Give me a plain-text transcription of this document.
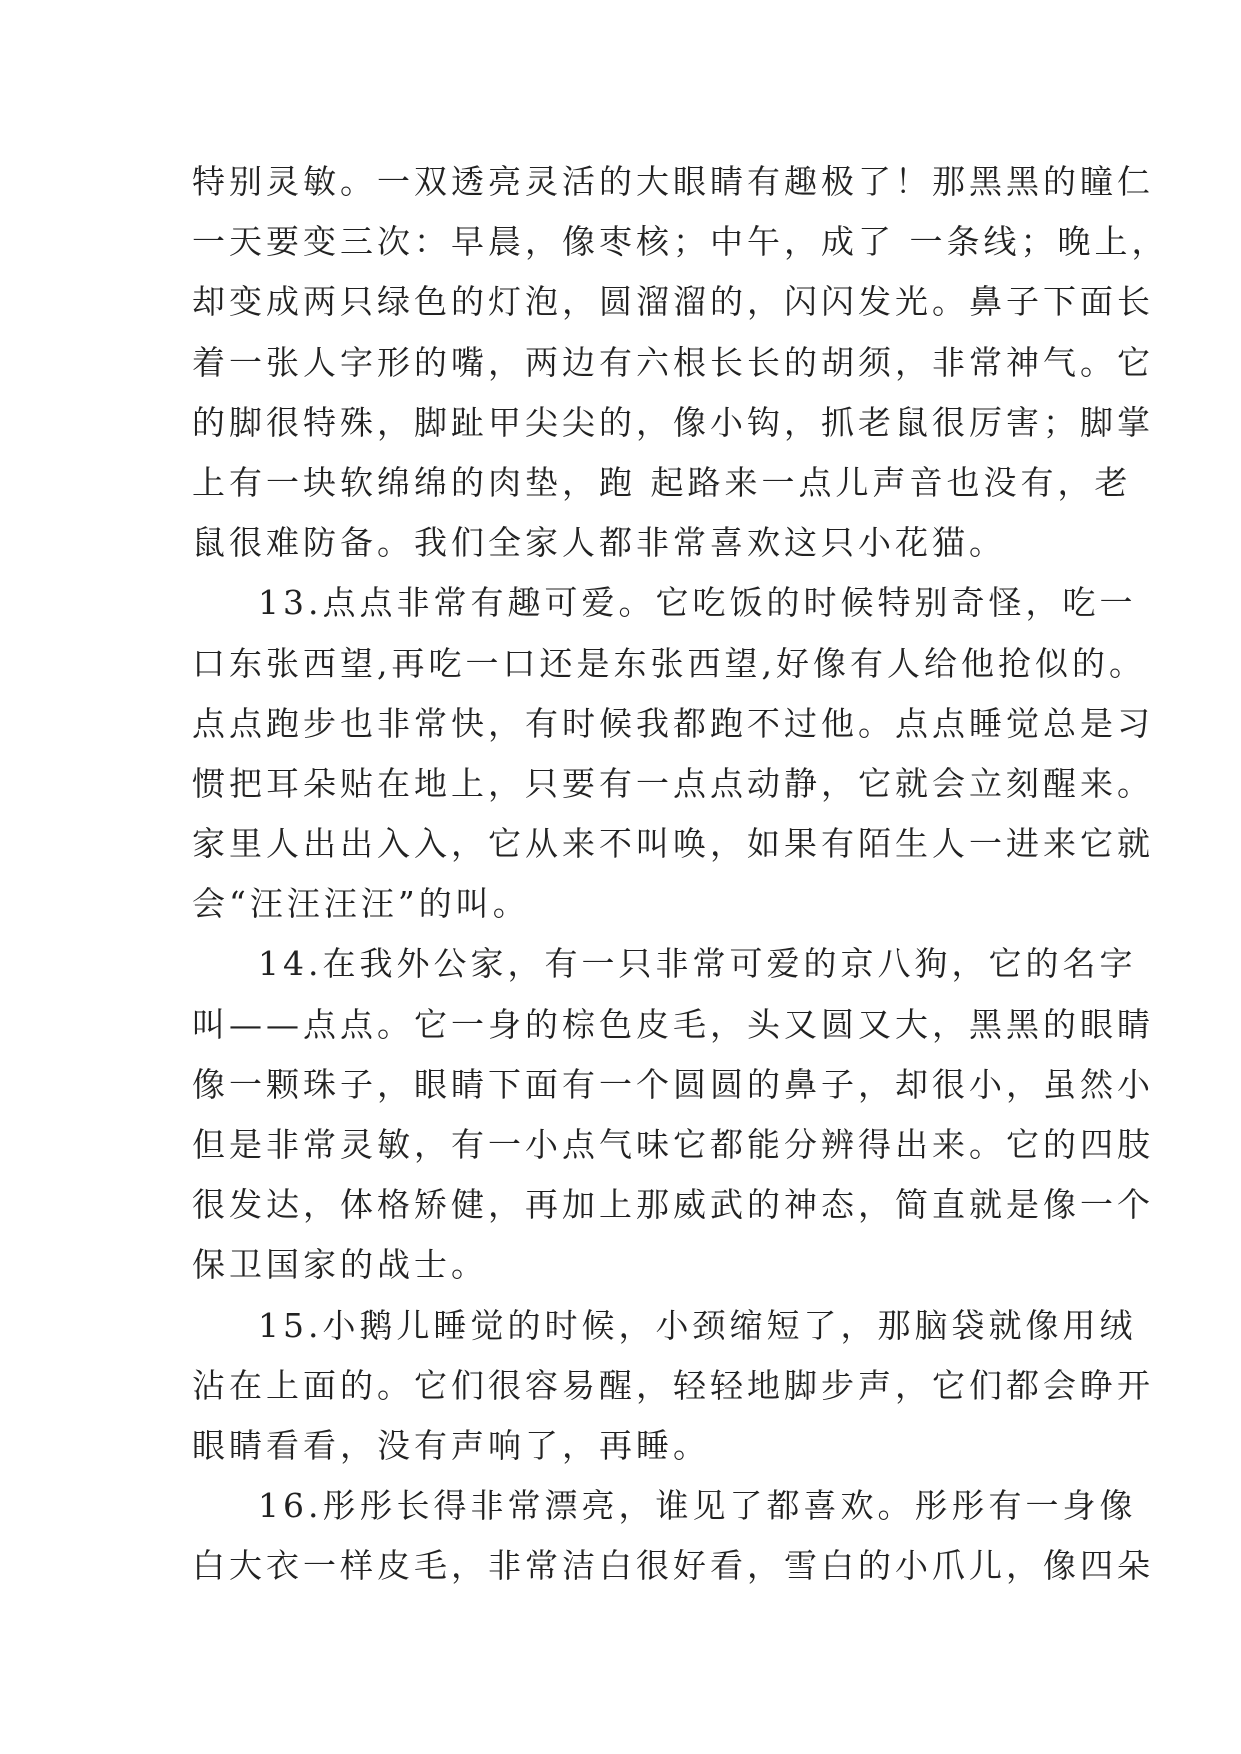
特别灵敏。一双透亮灵活的大眼睛有趣极了！那黑黑的瞳仁
一天要变三次：早晨，像枣核；中午，成了 一条线；晚上，
却变成两只绿色的灯泡，圆溜溜的，闪闪发光。鼻子下面长
着一张人字形的嘴，两边有六根长长的胡须，非常神气。它
的脚很特殊，脚趾甲尖尖的，像小钩，抓老鼠很厉害；脚掌
上有一块软绵绵的肉垫，跑 起路来一点儿声音也没有，老
鼠很难防备。我们全家人都非常喜欢这只小花猫。
13.点点非常有趣可爱。它吃饭的时候特别奇怪，吃一
口东张西望,再吃一口还是东张西望,好像有人给他抢似的。
点点跑步也非常快，有时候我都跑不过他。点点睡觉总是习
惯把耳朵贴在地上，只要有一点点动静，它就会立刻醒来。
家里人出出入入，它从来不叫唤，如果有陌生人一进来它就
会“汪汪汪汪”的叫。
14.在我外公家，有一只非常可爱的京八狗，它的名字
叫——点点。它一身的棕色皮毛，头又圆又大，黑黑的眼睛
像一颗珠子，眼睛下面有一个圆圆的鼻子，却很小，虽然小
但是非常灵敏，有一小点气味它都能分辨得出来。它的四肢
很发达，体格矫健，再加上那威武的神态，简直就是像一个
保卫国家的战士。
15.小鹅儿睡觉的时候，小颈缩短了，那脑袋就像用绒
沾在上面的。它们很容易醒，轻轻地脚步声，它们都会睁开
眼睛看看，没有声响了，再睡。
16.彤彤长得非常漂亮，谁见了都喜欢。彤彤有一身像
白大衣一样皮毛，非常洁白很好看，雪白的小爪儿，像四朵
